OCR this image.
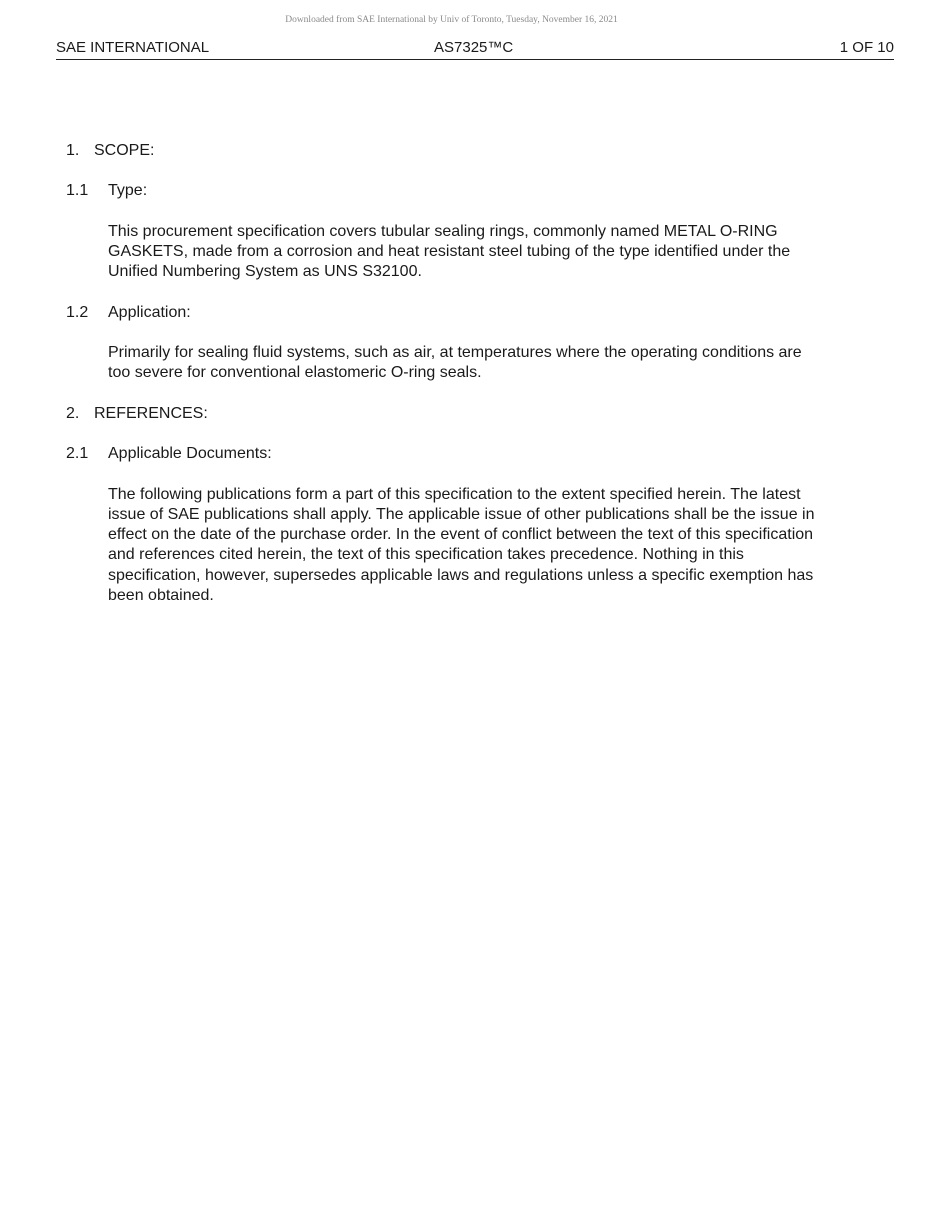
Downloaded from SAE International by Univ of Toronto, Tuesday, November 16, 2021
SAE INTERNATIONAL	AS7325™C	1 OF 10
1. SCOPE:
1.1 Type:

This procurement specification covers tubular sealing rings, commonly named METAL O-RING
GASKETS, made from a corrosion and heat resistant steel tubing of the type identified under the
Unified Numbering System as UNS S32100.

1.2 Application:

Primarily for sealing fluid systems, such as air, at temperatures where the operating conditions are
too severe for conventional elastomeric O-ring seals.

2. REFERENCES:
2.1 Applicable Documents:

The following publications form a part of this specification to the extent specified herein. The latest
issue of SAE publications shall apply. The applicable issue of other publications shall be the issue in
effect on the date of the purchase order. In the event of conflict between the text of this specification
and references cited herein, the text of this specification takes precedence. Nothing in this
specification, however, supersedes applicable laws and regulations unless a specific exemption has
been obtained.
